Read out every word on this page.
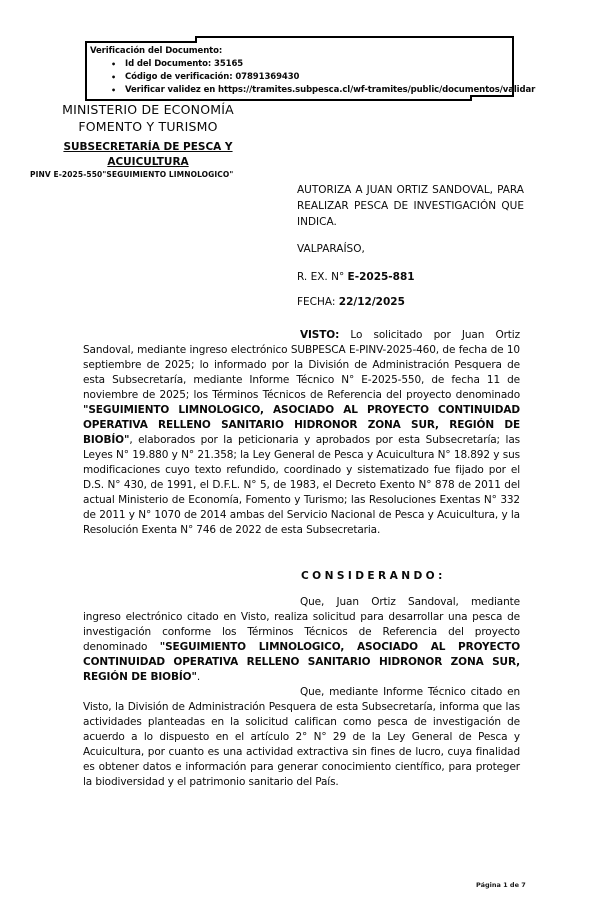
Verificación del Documento:
• Id del Documento: 35165
• Código de verificación: 07891369430
• Verificar validez en https://tramites.subpesca.cl/wf-tramites/public/documentos/validar
MINISTERIO DE ECONOMÍA
FOMENTO Y TURISMO
SUBSECRETARÍA DE PESCA Y
ACUICULTURA
PINV E-2025-550"SEGUIMIENTO LIMNOLOGICO"
AUTORIZA A JUAN ORTIZ SANDOVAL, PARA REALIZAR PESCA DE INVESTIGACIÓN QUE INDICA.
VALPARAÍSO,
R. EX. N° E-2025-881
FECHA: 22/12/2025

VISTO: Lo solicitado por Juan Ortiz Sandoval, mediante ingreso electrónico SUBPESCA E-PINV-2025-460, de fecha de 10 septiembre de 2025; lo informado por la División de Administración Pesquera de esta Subsecretaría, mediante Informe Técnico N° E-2025-550, de fecha 11 de noviembre de 2025; los Términos Técnicos de Referencia del proyecto denominado "SEGUIMIENTO LIMNOLOGICO, ASOCIADO AL PROYECTO CONTINUIDAD OPERATIVA RELLENO SANITARIO HIDRONOR ZONA SUR, REGIÓN DE BIOBÍO", elaborados por la peticionaria y aprobados por esta Subsecretaría; las Leyes N° 19.880 y N° 21.358; la Ley General de Pesca y Acuicultura N° 18.892 y sus modificaciones cuyo texto refundido, coordinado y sistematizado fue fijado por el D.S. N° 430, de 1991, el D.F.L. N° 5, de 1983, el Decreto Exento N° 878 de 2011 del actual Ministerio de Economía, Fomento y Turismo; las Resoluciones Exentas N° 332 de 2011 y N° 1070 de 2014 ambas del Servicio Nacional de Pesca y Acuicultura, y la Resolución Exenta N° 746 de 2022 de esta Subsecretaria.

CONSIDERANDO:

Que, Juan Ortiz Sandoval, mediante ingreso electrónico citado en Visto, realiza solicitud para desarrollar una pesca de investigación conforme los Términos Técnicos de Referencia del proyecto denominado "SEGUIMIENTO LIMNOLOGICO, ASOCIADO AL PROYECTO CONTINUIDAD OPERATIVA RELLENO SANITARIO HIDRONOR ZONA SUR, REGIÓN DE BIOBÍO".

Que, mediante Informe Técnico citado en Visto, la División de Administración Pesquera de esta Subsecretaría, informa que las actividades planteadas en la solicitud califican como pesca de investigación de acuerdo a lo dispuesto en el artículo 2° N° 29 de la Ley General de Pesca y Acuicultura, por cuanto es una actividad extractiva sin fines de lucro, cuya finalidad es obtener datos e información para generar conocimiento científico, para proteger la biodiversidad y el patrimonio sanitario del País.

Página 1 de 7
